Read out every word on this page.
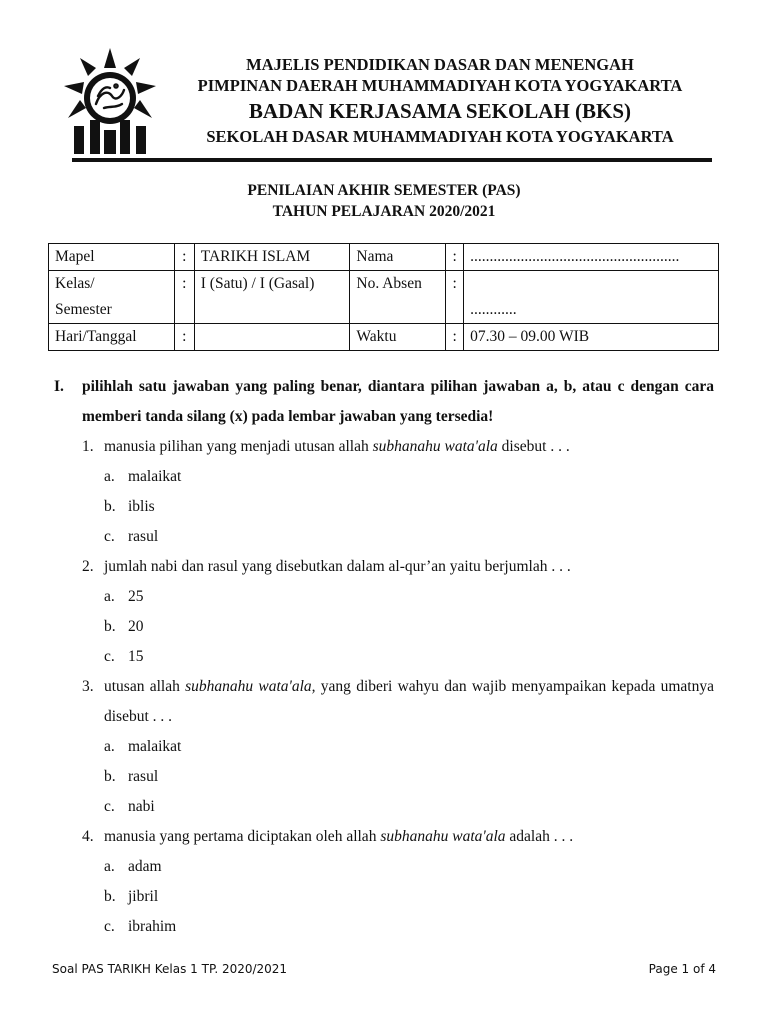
MAJELIS PENDIDIKAN DASAR DAN MENENGAH
PIMPINAN DAERAH MUHAMMADIYAH KOTA YOGYAKARTA
BADAN KERJASAMA SEKOLAH (BKS)
SEKOLAH DASAR MUHAMMADIYAH KOTA YOGYAKARTA
PENILAIAN AKHIR SEMESTER (PAS)
TAHUN PELAJARAN 2020/2021
Mapel	:	TARIKH ISLAM	Nama	:	......................................................

Kelas/
Semester	:	I (Satu) / I (Gasal)	No. Absen	:	............

Hari/Tanggal	:		Waktu	:	07.30 – 09.00 WIB
I.	pilihlah satu jawaban yang paling benar, diantara pilihan jawaban a, b, atau c dengan cara memberi tanda silang (x) pada lembar jawaban yang tersedia!
1. manusia pilihan yang menjadi utusan allah subhanahu wata'ala disebut . . .
a. malaikat
b. iblis
c. rasul
2. jumlah nabi dan rasul yang disebutkan dalam al-qur’an yaitu berjumlah . . .
a. 25
b. 20
c. 15
3. utusan allah subhanahu wata'ala, yang diberi wahyu dan wajib menyampaikan kepada umatnya disebut . . .
a. malaikat
b. rasul
c. nabi
4. manusia yang pertama diciptakan oleh allah subhanahu wata'ala adalah . . .
a. adam
b. jibril
c. ibrahim
Soal PAS TARIKH Kelas 1 TP. 2020/2021	Page 1 of 4
